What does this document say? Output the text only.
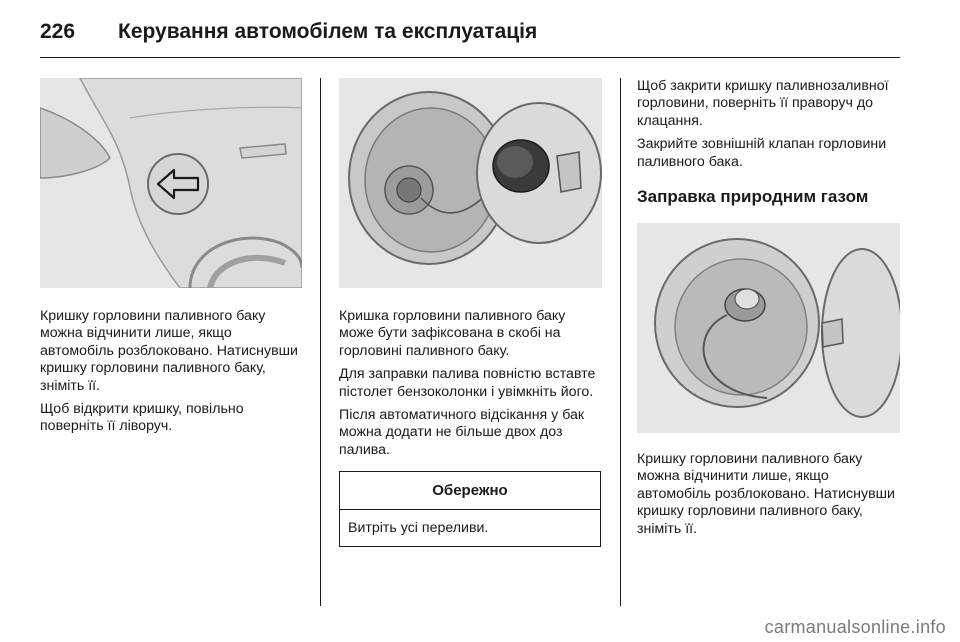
226 Керування автомобілем та експлуатація

Кришку горловини паливного баку можна відчинити лише, якщо автомобіль розблоковано. Натиснувши кришку горловини паливного баку, зніміть її.

Щоб відкрити кришку, повільно поверніть її ліворуч.

Кришка горловини паливного баку може бути зафіксована в скобі на горловині паливного баку.

Для заправки палива повністю вставте пістолет бензоколонки і увімкніть його.

Після автоматичного відсікання у бак можна додати не більше двох доз палива.

Обережно
Витріть усі переливи.

Щоб закрити кришку паливнозаливної горловини, поверніть її праворуч до клацання.

Закрийте зовнішній клапан горловини паливного бака.

Заправка природним газом

Кришку горловини паливного баку можна відчинити лише, якщо автомобіль розблоковано. Натиснувши кришку горловини паливного баку, зніміть її.

carmanualsonline.info
